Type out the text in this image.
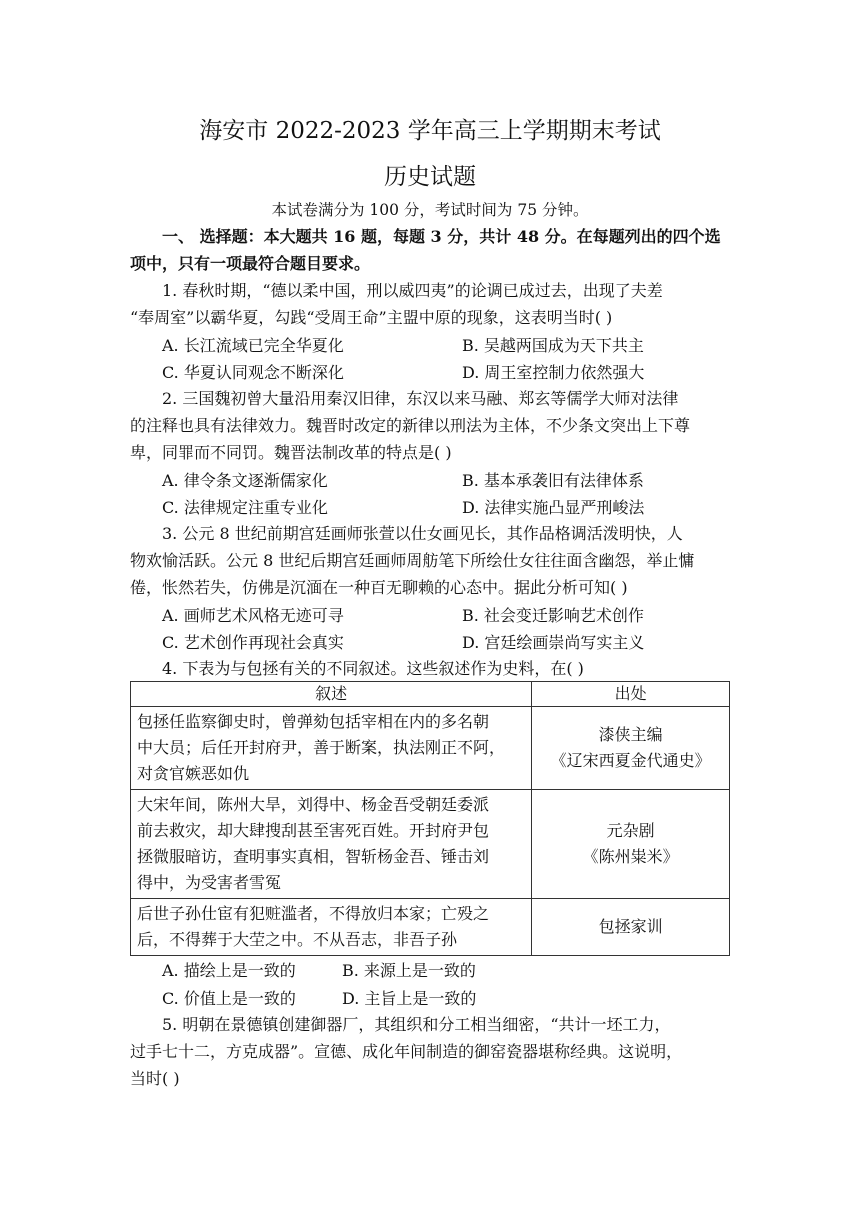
海安市 2022-2023 学年高三上学期期末考试
历史试题
本试卷满分为 100 分，考试时间为 75 分钟。
一、 选择题：本大题共 16 题，每题 3 分，共计 48 分。在每题列出的四个选
项中，只有一项最符合题目要求。
1. 春秋时期，“德以柔中国，刑以威四夷”的论调已成过去，出现了夫差
“奉周室”以霸华夏，勾践“受周王命”主盟中原的现象，这表明当时( )
A. 长江流域已完全华夏化	B. 吴越两国成为天下共主
C. 华夏认同观念不断深化	D. 周王室控制力依然强大
2. 三国魏初曾大量沿用秦汉旧律，东汉以来马融、郑玄等儒学大师对法律
的注释也具有法律效力。魏晋时改定的新律以刑法为主体，不少条文突出上下尊
卑，同罪而不同罚。魏晋法制改革的特点是( )
A. 律令条文逐渐儒家化	B. 基本承袭旧有法律体系
C. 法律规定注重专业化	D. 法律实施凸显严刑峻法
3. 公元 8 世纪前期宫廷画师张萱以仕女画见长，其作品格调活泼明快，人
物欢愉活跃。公元 8 世纪后期宫廷画师周舫笔下所绘仕女往往面含幽怨，举止慵
倦，怅然若失，仿佛是沉湎在一种百无聊赖的心态中。据此分析可知( )
A. 画师艺术风格无迹可寻	B. 社会变迁影响艺术创作
C. 艺术创作再现社会真实	D. 宫廷绘画崇尚写实主义
4. 下表为与包拯有关的不同叙述。这些叙述作为史料，在( )
叙述	出处

包拯任监察御史时，曾弹劾包括宰相在内的多名朝
中大员；后任开封府尹，善于断案，执法刚正不阿，
对贪官嫉恶如仇	漆侠主编
《辽宋西夏金代通史》

大宋年间，陈州大旱，刘得中、杨金吾受朝廷委派
前去救灾，却大肆搜刮甚至害死百姓。开封府尹包
拯微服暗访，查明事实真相，智斩杨金吾、锤击刘
得中，为受害者雪冤	元杂剧
《陈州粜米》

后世子孙仕宦有犯赃滥者，不得放归本家；亡殁之
后，不得葬于大茔之中。不从吾志，非吾子孙	包拯家训
A. 描绘上是一致的	B. 来源上是一致的
C. 价值上是一致的	D. 主旨上是一致的
5. 明朝在景德镇创建御器厂，其组织和分工相当细密，“共计一坯工力，
过手七十二，方克成器”。宣德、成化年间制造的御窑瓷器堪称经典。这说明，
当时( )
